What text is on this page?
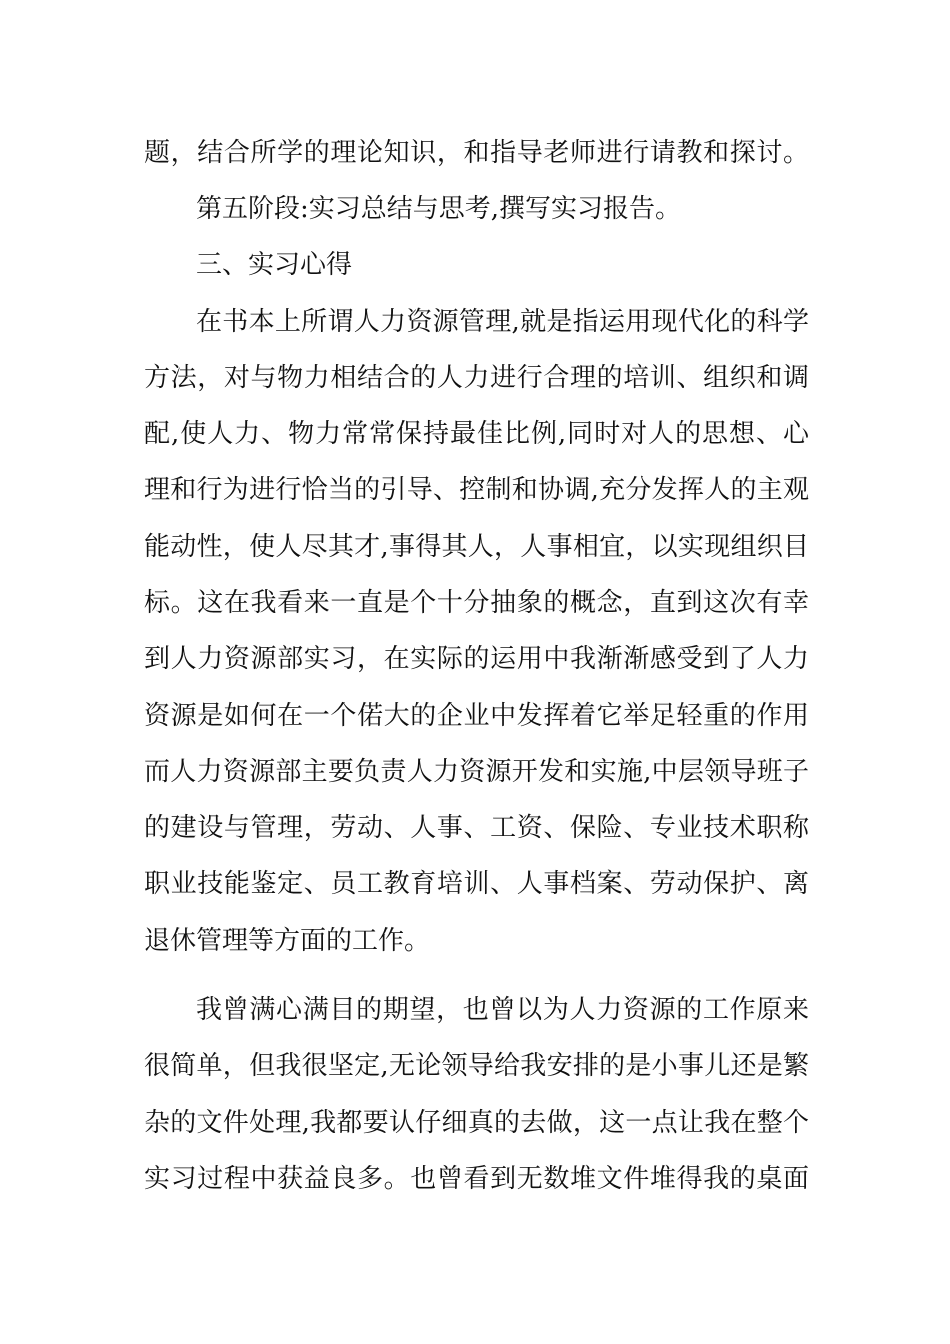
题，结合所学的理论知识，和指导老师进行请教和探讨。
第五阶段:实习总结与思考,撰写实习报告。
三、实习心得
在书本上所谓人力资源管理,就是指运用现代化的科学
方法，对与物力相结合的人力进行合理的培训、组织和调
配,使人力、物力常常保持最佳比例,同时对人的思想、心
理和行为进行恰当的引导、控制和协调,充分发挥人的主观
能动性，使人尽其才,事得其人，人事相宜，以实现组织目
标。这在我看来一直是个十分抽象的概念，直到这次有幸
到人力资源部实习，在实际的运用中我渐渐感受到了人力
资源是如何在一个偌大的企业中发挥着它举足轻重的作用
而人力资源部主要负责人力资源开发和实施,中层领导班子
的建设与管理，劳动、人事、工资、保险、专业技术职称
职业技能鉴定、员工教育培训、人事档案、劳动保护、离
退休管理等方面的工作。
我曾满心满目的期望，也曾以为人力资源的工作原来
很简单，但我很坚定,无论领导给我安排的是小事儿还是繁
杂的文件处理,我都要认仔细真的去做，这一点让我在整个
实习过程中获益良多。也曾看到无数堆文件堆得我的桌面
